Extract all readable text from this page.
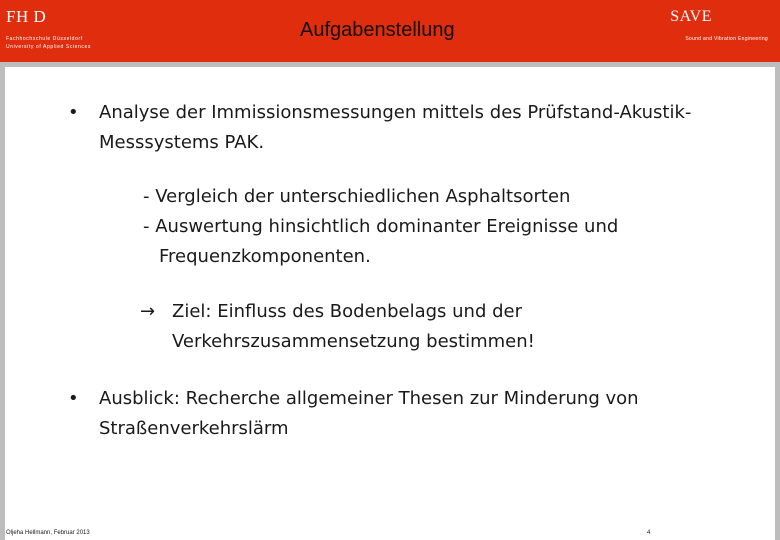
FH D
Fachhochschule Düsseldorf
University of Applied Sciences
Aufgabenstellung
SAVE
Sound and Vibration Engineering
• Analyse der Immissionsmessungen mittels des Prüfstand-Akustik-
Messsystems PAK.
- Vergleich der unterschiedlichen Asphaltsorten
- Auswertung hinsichtlich dominanter Ereignisse und
Frequenzkomponenten.
→ Ziel: Einfluss des Bodenbelags und der
Verkehrszusammensetzung bestimmen!
• Ausblick: Recherche allgemeiner Thesen zur Minderung von
Straßenverkehrslärm
Oljeha Hellmann, Februar 2013	4
